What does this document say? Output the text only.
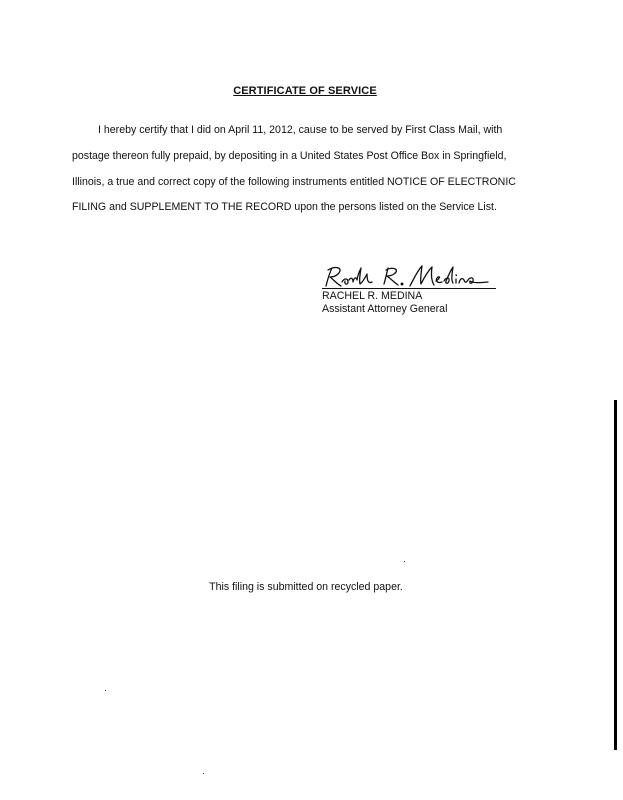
CERTIFICATE OF SERVICE
I hereby certify that I did on April 11, 2012, cause to be served by First Class Mail, with
postage thereon fully prepaid, by depositing in a United States Post Office Box in Springfield,
Illinois, a true and correct copy of the following instruments entitled NOTICE OF ELECTRONIC
FILING and SUPPLEMENT TO THE RECORD upon the persons listed on the Service List.
RACHEL R. MEDINA
Assistant Attorney General
This filing is submitted on recycled paper.
